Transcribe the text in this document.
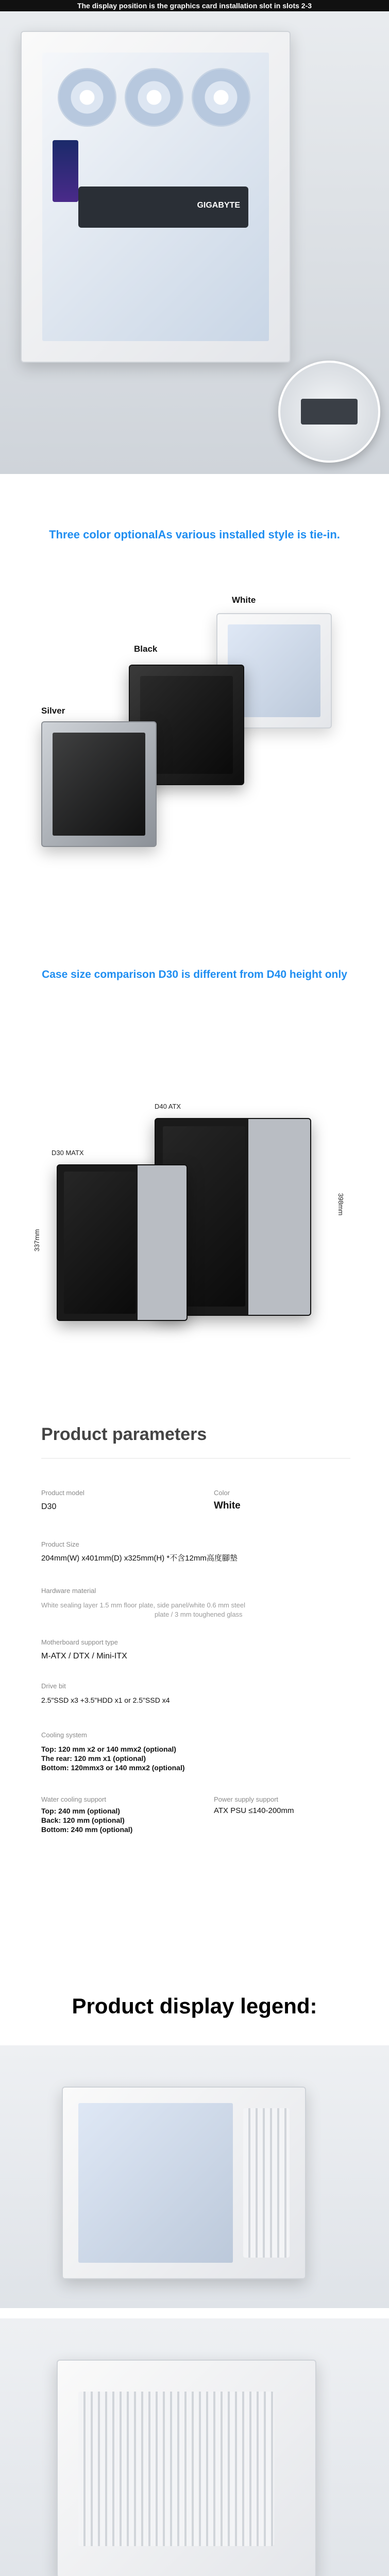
The display position is the graphics card installation slot in slots 2-3
GIGABYTE
Three color optionalAs various installed style is tie-in.
White
Black
Silver
Case size comparison D30 is different from D40 height only
D40 ATX
398mm
D30 MATX
337mm
Product parameters
Product model
D30
Color
White
Product Size
204mm(W) x401mm(D) x325mm(H) *不含12mm高度腳墊
Hardware material
White sealing layer 1.5 mm floor plate, side panel/white 0.6 mm steel
plate / 3 mm toughened glass
Motherboard support type
M-ATX / DTX / Mini-ITX
Drive bit
2.5"SSD x3 +3.5"HDD x1 or 2.5"SSD x4
Cooling system
Top: 120 mm x2 or 140 mmx2 (optional)
The rear: 120 mm x1 (optional)
Bottom: 120mmx3 or 140 mmx2 (optional)
Water cooling support
Top: 240 mm (optional)
Back: 120 mm (optional)
Bottom: 240 mm (optional)
Power supply support
ATX PSU ≤140-200mm
Product display legend:
